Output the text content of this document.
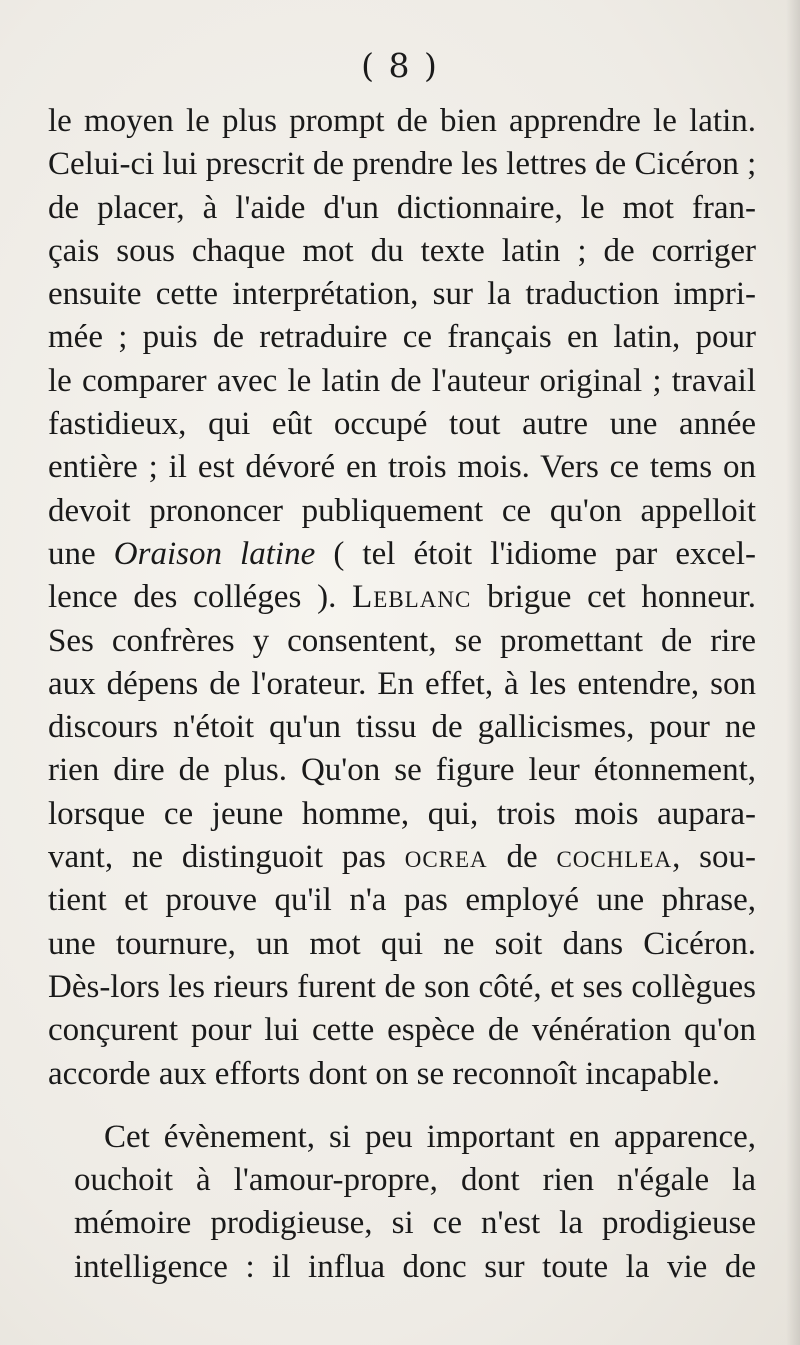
( 8 )
le moyen le plus prompt de bien apprendre le latin.
Celui-ci lui prescrit de prendre les lettres de Cicéron ;
de placer, à l'aide d'un dictionnaire, le mot fran-
çais sous chaque mot du texte latin ; de corriger
ensuite cette interprétation, sur la traduction impri-
mée ; puis de retraduire ce français en latin, pour
le comparer avec le latin de l'auteur original ; travail
fastidieux, qui eût occupé tout autre une année
entière ; il est dévoré en trois mois. Vers ce tems on
devoit prononcer publiquement ce qu'on appelloit
une Oraison latine ( tel étoit l'idiome par excel-
lence des colléges ). Leblanc brigue cet honneur.
Ses confrères y consentent, se promettant de rire
aux dépens de l'orateur. En effet, à les entendre, son
discours n'étoit qu'un tissu de gallicismes, pour ne
rien dire de plus. Qu'on se figure leur étonnement,
lorsque ce jeune homme, qui, trois mois aupara-
vant, ne distinguoit pas ocrea de cochlea, sou-
tient et prouve qu'il n'a pas employé une phrase,
une tournure, un mot qui ne soit dans Cicéron.
Dès-lors les rieurs furent de son côté, et ses collègues
conçurent pour lui cette espèce de vénération qu'on
accorde aux efforts dont on se reconnoît incapable.
Cet évènement, si peu important en apparence,
ouchoit à l'amour-propre, dont rien n'égale la
mémoire prodigieuse, si ce n'est la prodigieuse
intelligence : il influa donc sur toute la vie de
